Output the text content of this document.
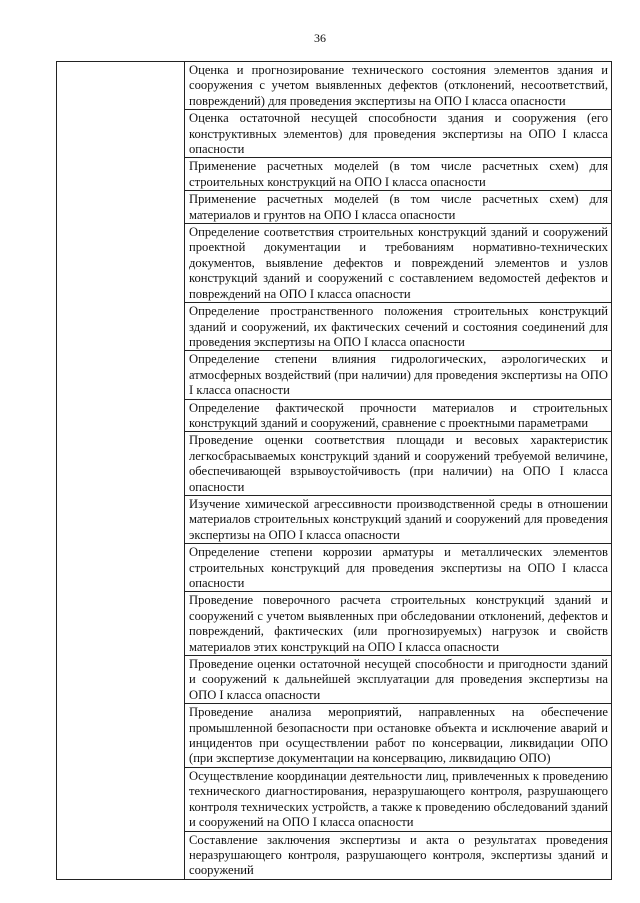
36

Оценка и прогнозирование технического состояния элементов здания и сооружения с учетом выявленных дефектов (отклонений, несоответствий, повреждений) для проведения экспертизы на ОПО I класса опасности

Оценка остаточной несущей способности здания и сооружения (его конструктивных элементов) для проведения экспертизы на ОПО I класса опасности

Применение расчетных моделей (в том числе расчетных схем) для строительных конструкций на ОПО I класса опасности

Применение расчетных моделей (в том числе расчетных схем) для материалов и грунтов на ОПО I класса опасности

Определение соответствия строительных конструкций зданий и сооружений проектной документации и требованиям нормативно-технических документов, выявление дефектов и повреждений элементов и узлов конструкций зданий и сооружений с составлением ведомостей дефектов и повреждений на ОПО I класса опасности

Определение пространственного положения строительных конструкций зданий и сооружений, их фактических сечений и состояния соединений для проведения экспертизы на ОПО I класса опасности

Определение степени влияния гидрологических, аэрологических и атмосферных воздействий (при наличии) для проведения экспертизы на ОПО I класса опасности

Определение фактической прочности материалов и строительных конструкций зданий и сооружений, сравнение с проектными параметрами

Проведение оценки соответствия площади и весовых характеристик легкосбрасываемых конструкций зданий и сооружений требуемой величине, обеспечивающей взрывоустойчивость (при наличии) на ОПО I класса опасности

Изучение химической агрессивности производственной среды в отношении материалов строительных конструкций зданий и сооружений для проведения экспертизы на ОПО I класса опасности

Определение степени коррозии арматуры и металлических элементов строительных конструкций для проведения экспертизы на ОПО I класса опасности

Проведение поверочного расчета строительных конструкций зданий и сооружений с учетом выявленных при обследовании отклонений, дефектов и повреждений, фактических (или прогнозируемых) нагрузок и свойств материалов этих конструкций на ОПО I класса опасности

Проведение оценки остаточной несущей способности и пригодности зданий и сооружений к дальнейшей эксплуатации для проведения экспертизы на ОПО I класса опасности

Проведение анализа мероприятий, направленных на обеспечение промышленной безопасности при остановке объекта и исключение аварий и инцидентов при осуществлении работ по консервации, ликвидации ОПО (при экспертизе документации на консервацию, ликвидацию ОПО)

Осуществление координации деятельности лиц, привлеченных к проведению технического диагностирования, неразрушающего контроля, разрушающего контроля технических устройств, а также к проведению обследований зданий и сооружений на ОПО I класса опасности

Составление заключения экспертизы и акта о результатах проведения неразрушающего контроля, разрушающего контроля, экспертизы зданий и сооружений
